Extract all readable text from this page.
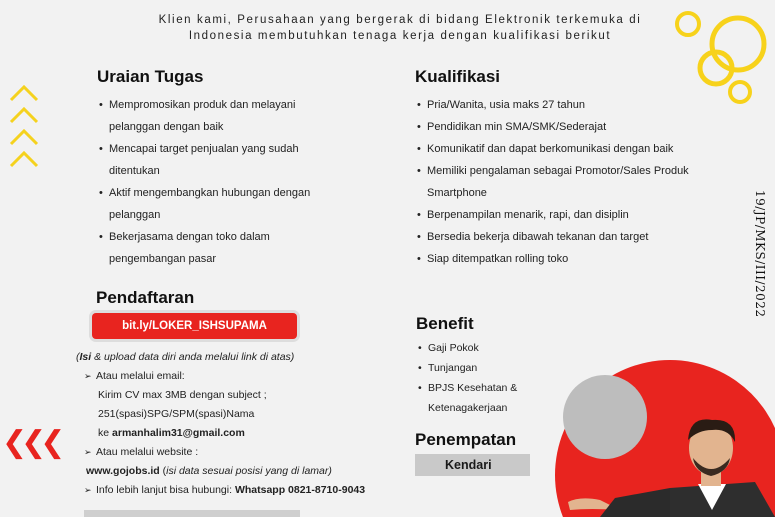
❮❮❮
19/JP/MKS/III/2022
Klien kami, Perusahaan yang bergerak di bidang Elektronik terkemuka di
Indonesia membutuhkan tenaga kerja dengan kualifikasi berikut
Uraian Tugas
• Mempromosikan produk dan melayani
pelanggan dengan baik
• Mencapai target penjualan yang sudah
ditentukan
• Aktif mengembangkan hubungan dengan
pelanggan
• Bekerjasama dengan toko dalam
pengembangan pasar
Kualifikasi
• Pria/Wanita, usia maks 27 tahun
• Pendidikan min SMA/SMK/Sederajat
• Komunikatif dan dapat berkomunikasi dengan baik
• Memiliki pengalaman sebagai Promotor/Sales Produk
Smartphone
• Berpenampilan menarik, rapi, dan disiplin
• Bersedia bekerja dibawah tekanan dan target
• Siap ditempatkan rolling toko
Pendaftaran
bit.ly/LOKER_ISHSUPAMA
(Isi & upload data diri anda melalui link di atas)
➢ Atau melalui email:
Kirim CV max 3MB dengan subject ;
251(spasi)SPG/SPM(spasi)Nama
ke armanhalim31@gmail.com
➢ Atau melalui website :
www.gojobs.id (isi data sesuai posisi yang di lamar)
➢ Info lebih lanjut bisa hubungi: Whatsapp 0821-8710-9043
Benefit
• Gaji Pokok
• Tunjangan
• BPJS Kesehatan &
Ketenagakerjaan
Penempatan
Kendari
